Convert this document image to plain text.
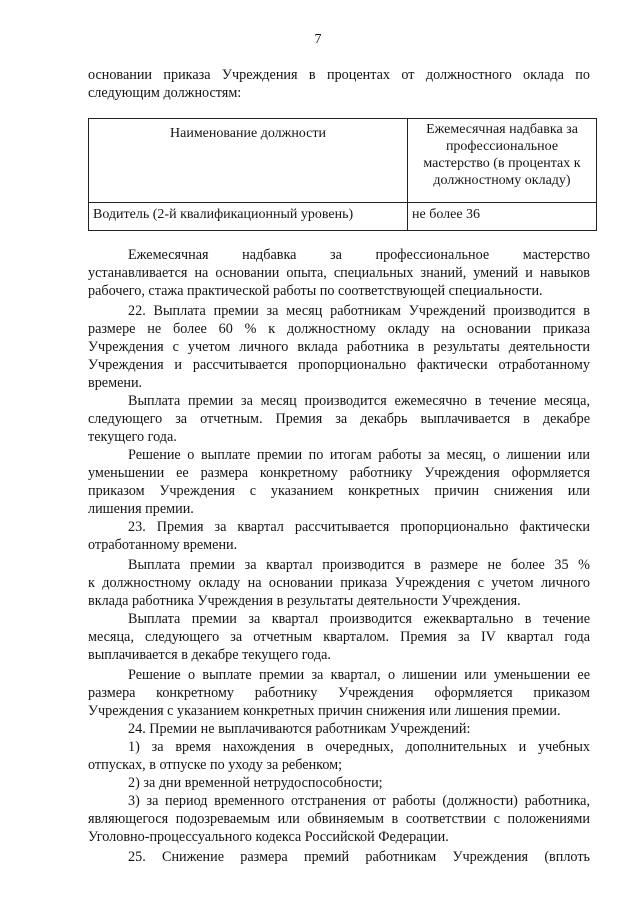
7
основании приказа Учреждения в процентах от должностного оклада по
следующим должностям:
Наименование должности	Ежемесячная надбавка за
профессиональное
мастерство (в процентах к
должностному окладу)

Водитель (2-й квалификационный уровень)	не более 36
Ежемесячная надбавка за профессиональное мастерство
устанавливается на основании опыта, специальных знаний, умений и навыков
рабочего, стажа практической работы по соответствующей специальности.
22. Выплата премии за месяц работникам Учреждений производится в
размере не более 60 % к должностному окладу на основании приказа
Учреждения с учетом личного вклада работника в результаты деятельности
Учреждения и рассчитывается пропорционально фактически отработанному
времени.
Выплата премии за месяц производится ежемесячно в течение месяца,
следующего за отчетным. Премия за декабрь выплачивается в декабре
текущего года.
Решение о выплате премии по итогам работы за месяц, о лишении или
уменьшении ее размера конкретному работнику Учреждения оформляется
приказом Учреждения с указанием конкретных причин снижения или
лишения премии.
23. Премия за квартал рассчитывается пропорционально фактически
отработанному времени.
Выплата премии за квартал производится в размере не более 35 %
к должностному окладу на основании приказа Учреждения с учетом личного
вклада работника Учреждения в результаты деятельности Учреждения.
Выплата премии за квартал производится ежеквартально в течение
месяца, следующего за отчетным кварталом. Премия за IV квартал года
выплачивается в декабре текущего года.
Решение о выплате премии за квартал, о лишении или уменьшении ее
размера конкретному работнику Учреждения оформляется приказом
Учреждения с указанием конкретных причин снижения или лишения премии.
24. Премии не выплачиваются работникам Учреждений:
1) за время нахождения в очередных, дополнительных и учебных
отпусках, в отпуске по уходу за ребенком;
2) за дни временной нетрудоспособности;
3) за период временного отстранения от работы (должности) работника,
являющегося подозреваемым или обвиняемым в соответствии с положениями
Уголовно-процессуального кодекса Российской Федерации.
25. Снижение размера премий работникам Учреждения (вплоть
